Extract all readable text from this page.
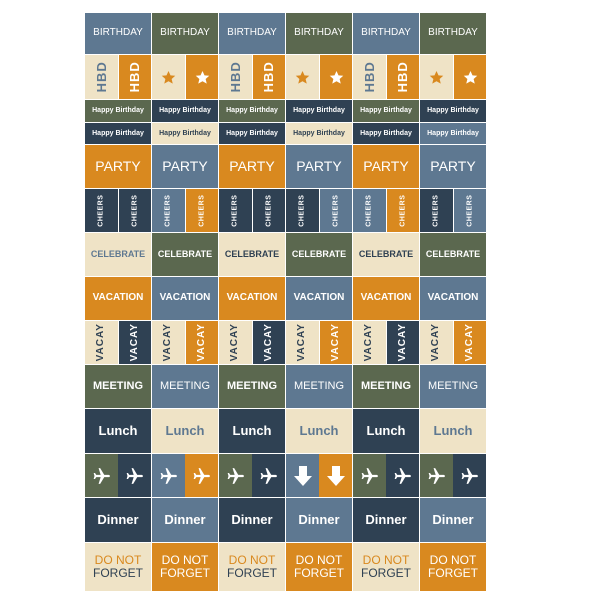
BIRTHDAY BIRTHDAY BIRTHDAY BIRTHDAY BIRTHDAY BIRTHDAY
HBD HBD	HBD HBD	HBD HBD
Happy Birthday Happy Birthday Happy Birthday Happy Birthday Happy Birthday Happy Birthday
Happy Birthday Happy Birthday Happy Birthday Happy Birthday Happy Birthday Happy Birthday
PARTY PARTY PARTY PARTY PARTY PARTY
CHEERS	CHEERS	CHEERS	CHEERS	CHEERS	CHEERS	CHEERS	CHEERS	CHEERS	CHEERS	CHEERS	CHEERS
CELEBRATE CELEBRATE CELEBRATE CELEBRATE CELEBRATE CELEBRATE
VACATION VACATION VACATION VACATION VACATION VACATION
VACAY VACAY VACAY VACAY VACAY VACAY VACAY VACAY VACAY VACAY VACAY VACAY
MEETING MEETING MEETING MEETING MEETING MEETING
Lunch Lunch Lunch Lunch Lunch Lunch
Dinner Dinner Dinner Dinner Dinner Dinner
DO NOT
FORGET
DO NOT
FORGET
DO NOT
FORGET
DO NOT
FORGET
DO NOT
FORGET
DO NOT
FORGET
